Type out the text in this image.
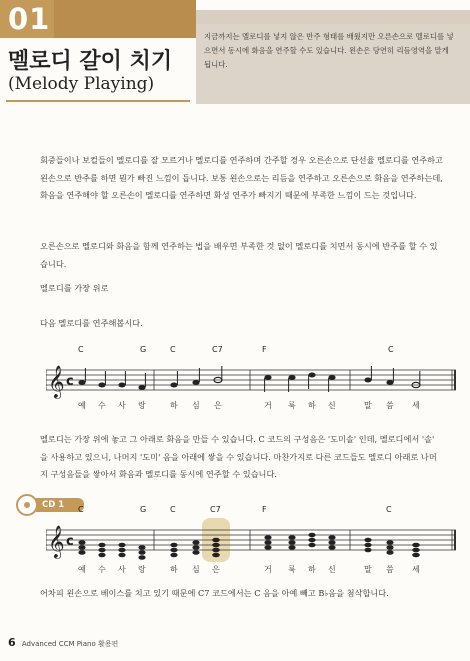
01
멜로디 갈이 치기
(Melody Playing)
지금까지는 멜로디를 넣지 않은 반주 형태를 배웠지만 오른손으로 멜로디를 넣으면서 동시에 화음을 연주할 수도 있습니다. 왼손은 당연히 리듬영역을 맡게 됩니다.

회중들이나 보컬들이 멜로디를 잘 모르거나 멜로디를 연주하며 간주할 경우 오른손으로 단선율 멜로디를 연주하고 왼손으로 반주를 하면 뭔가 빠진 느낌이 듭니다. 보통 왼손으로는 리듬을 연주하고 오른손으로 화음을 연주하는데, 화음을 연주해야 할 오른손이 멜로디를 연주하면 화성 연주가 빠지기 때문에 부족한 느낌이 드는 것입니다.

오른손으로 멜로디와 화음을 함께 연주하는 법을 배우면 부족한 것 없이 멜로디를 치면서 동시에 반주를 할 수 있습니다.

멜로디를 가장 위로
다음 멜로디를 연주해봅시다.
𝄞 c
C	G	C	C7	F	C
예 수 사 랑	하 심 은	거 룩 하 신	말 씀 세

멜로디는 가장 위에 놓고 그 아래로 화음을 만들 수 있습니다. C 코드의 구성음은 '도미솔' 인데, 멜로디에서 '솔' 을 사용하고 있으니, 나머지 '도미' 음을 아래에 쌓을 수 있습니다. 마찬가지로 다른 코드들도 멜로디 아래로 나머지 구성음들을 쌓아서 화음과 멜로디를 동시에 연주할 수 있습니다.

CD 1
𝄞 c
C	G	C	C7	F	C
예 수 사 랑	하 심 은	거 룩 하 신	말 씀 세

어차피 왼손으로 베이스를 치고 있기 때문에 C7 코드에서는 C 음을 아예 빼고 B♭음을 첨삭합니다.

6 Advanced CCM Piano 활용편
